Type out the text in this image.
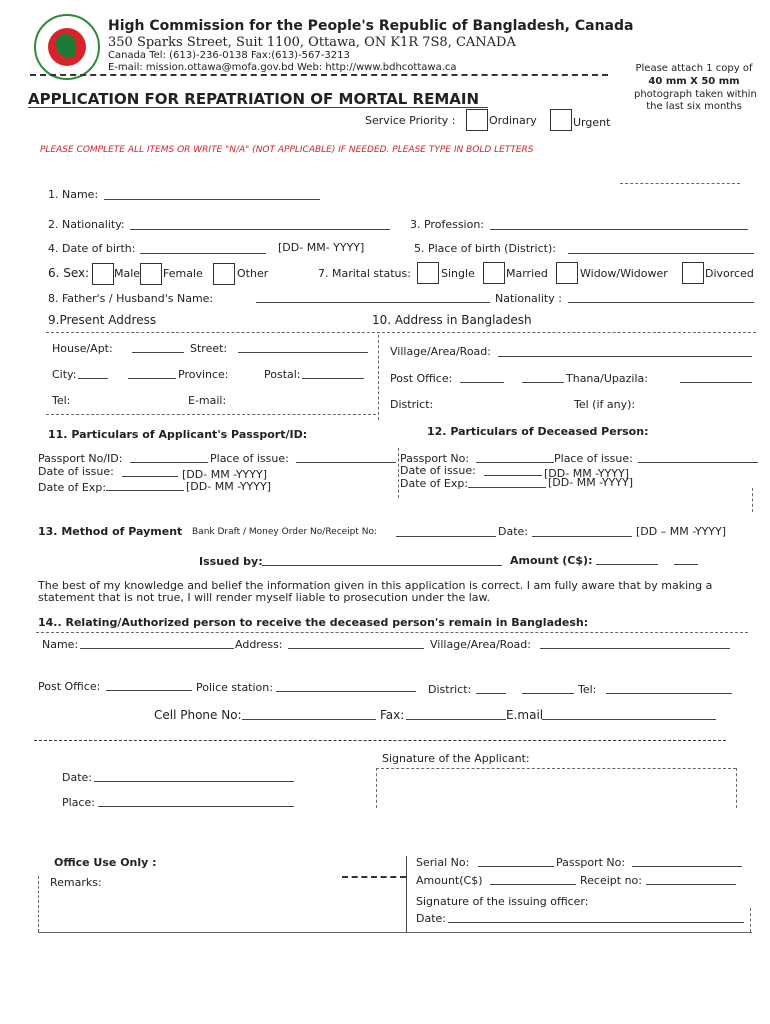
High Commission for the People's Republic of Bangladesh, Canada
350 Sparks Street, Suit 1100, Ottawa, ON K1R 7S8, CANADA
Canada Tel: (613)-236-0138 Fax:(613)-567-3213
E-mail: mission.ottawa@mofa.gov.bd Web: http://www.bdhcottawa.ca	Please attach 1 copy of
40 mm X 50 mm
photograph taken within
the last six months
APPLICATION FOR REPATRIATION OF MORTAL REMAIN
Service Priority :	Ordinary	Urgent
PLEASE COMPLETE ALL ITEMS OR WRITE "N/A" (NOT APPLICABLE) IF NEEDED. PLEASE TYPE IN BOLD LETTERS
1. Name:
2. Nationality:	3. Profession:
4. Date of birth:	[DD- MM- YYYY]	5. Place of birth (District):
6. Sex: Male Female	Other	7. Marital status:	Single	Married	Widow/Widower	Divorced
8. Father's / Husband's Name:	Nationality :
9.Present Address	10. Address in Bangladesh
House/Apt:	Street:	Village/Area/Road:
City:	Province:	Postal:	Post Office:	Thana/Upazila:
Tel:	E-mail:	District:	Tel (if any):
11. Particulars of Applicant's Passport/ID:	12. Particulars of Deceased Person:
Passport No/ID:	Place of issue:
Date of issue:	[DD- MM -YYYY]
Date of Exp:	[DD- MM -YYYY]
Passport No:	Place of issue:
Date of issue:	[DD- MM -YYYY]
Date of Exp:	[DD- MM -YYYY]
13. Method of Payment Bank Draft / Money Order No/Receipt No:	Date:	[DD – MM -YYYY]
Issued by:	Amount (C$):
The best of my knowledge and belief the information given in this application is correct. I am fully aware that by making a statement that is not true, I will render myself liable to prosecution under the law.
14.. Relating/Authorized person to receive the deceased person's remain in Bangladesh:
Name:	Address:	Village/Area/Road:
Post Office:	Police station:	District:	Tel:
Cell Phone No:	Fax:	E.mail
Signature of the Applicant:
Date:
Place:
Office Use Only :
Remarks:
Serial No:	Passport No:
Amount(C$)	Receipt no:
Signature of the issuing officer:
Date:
